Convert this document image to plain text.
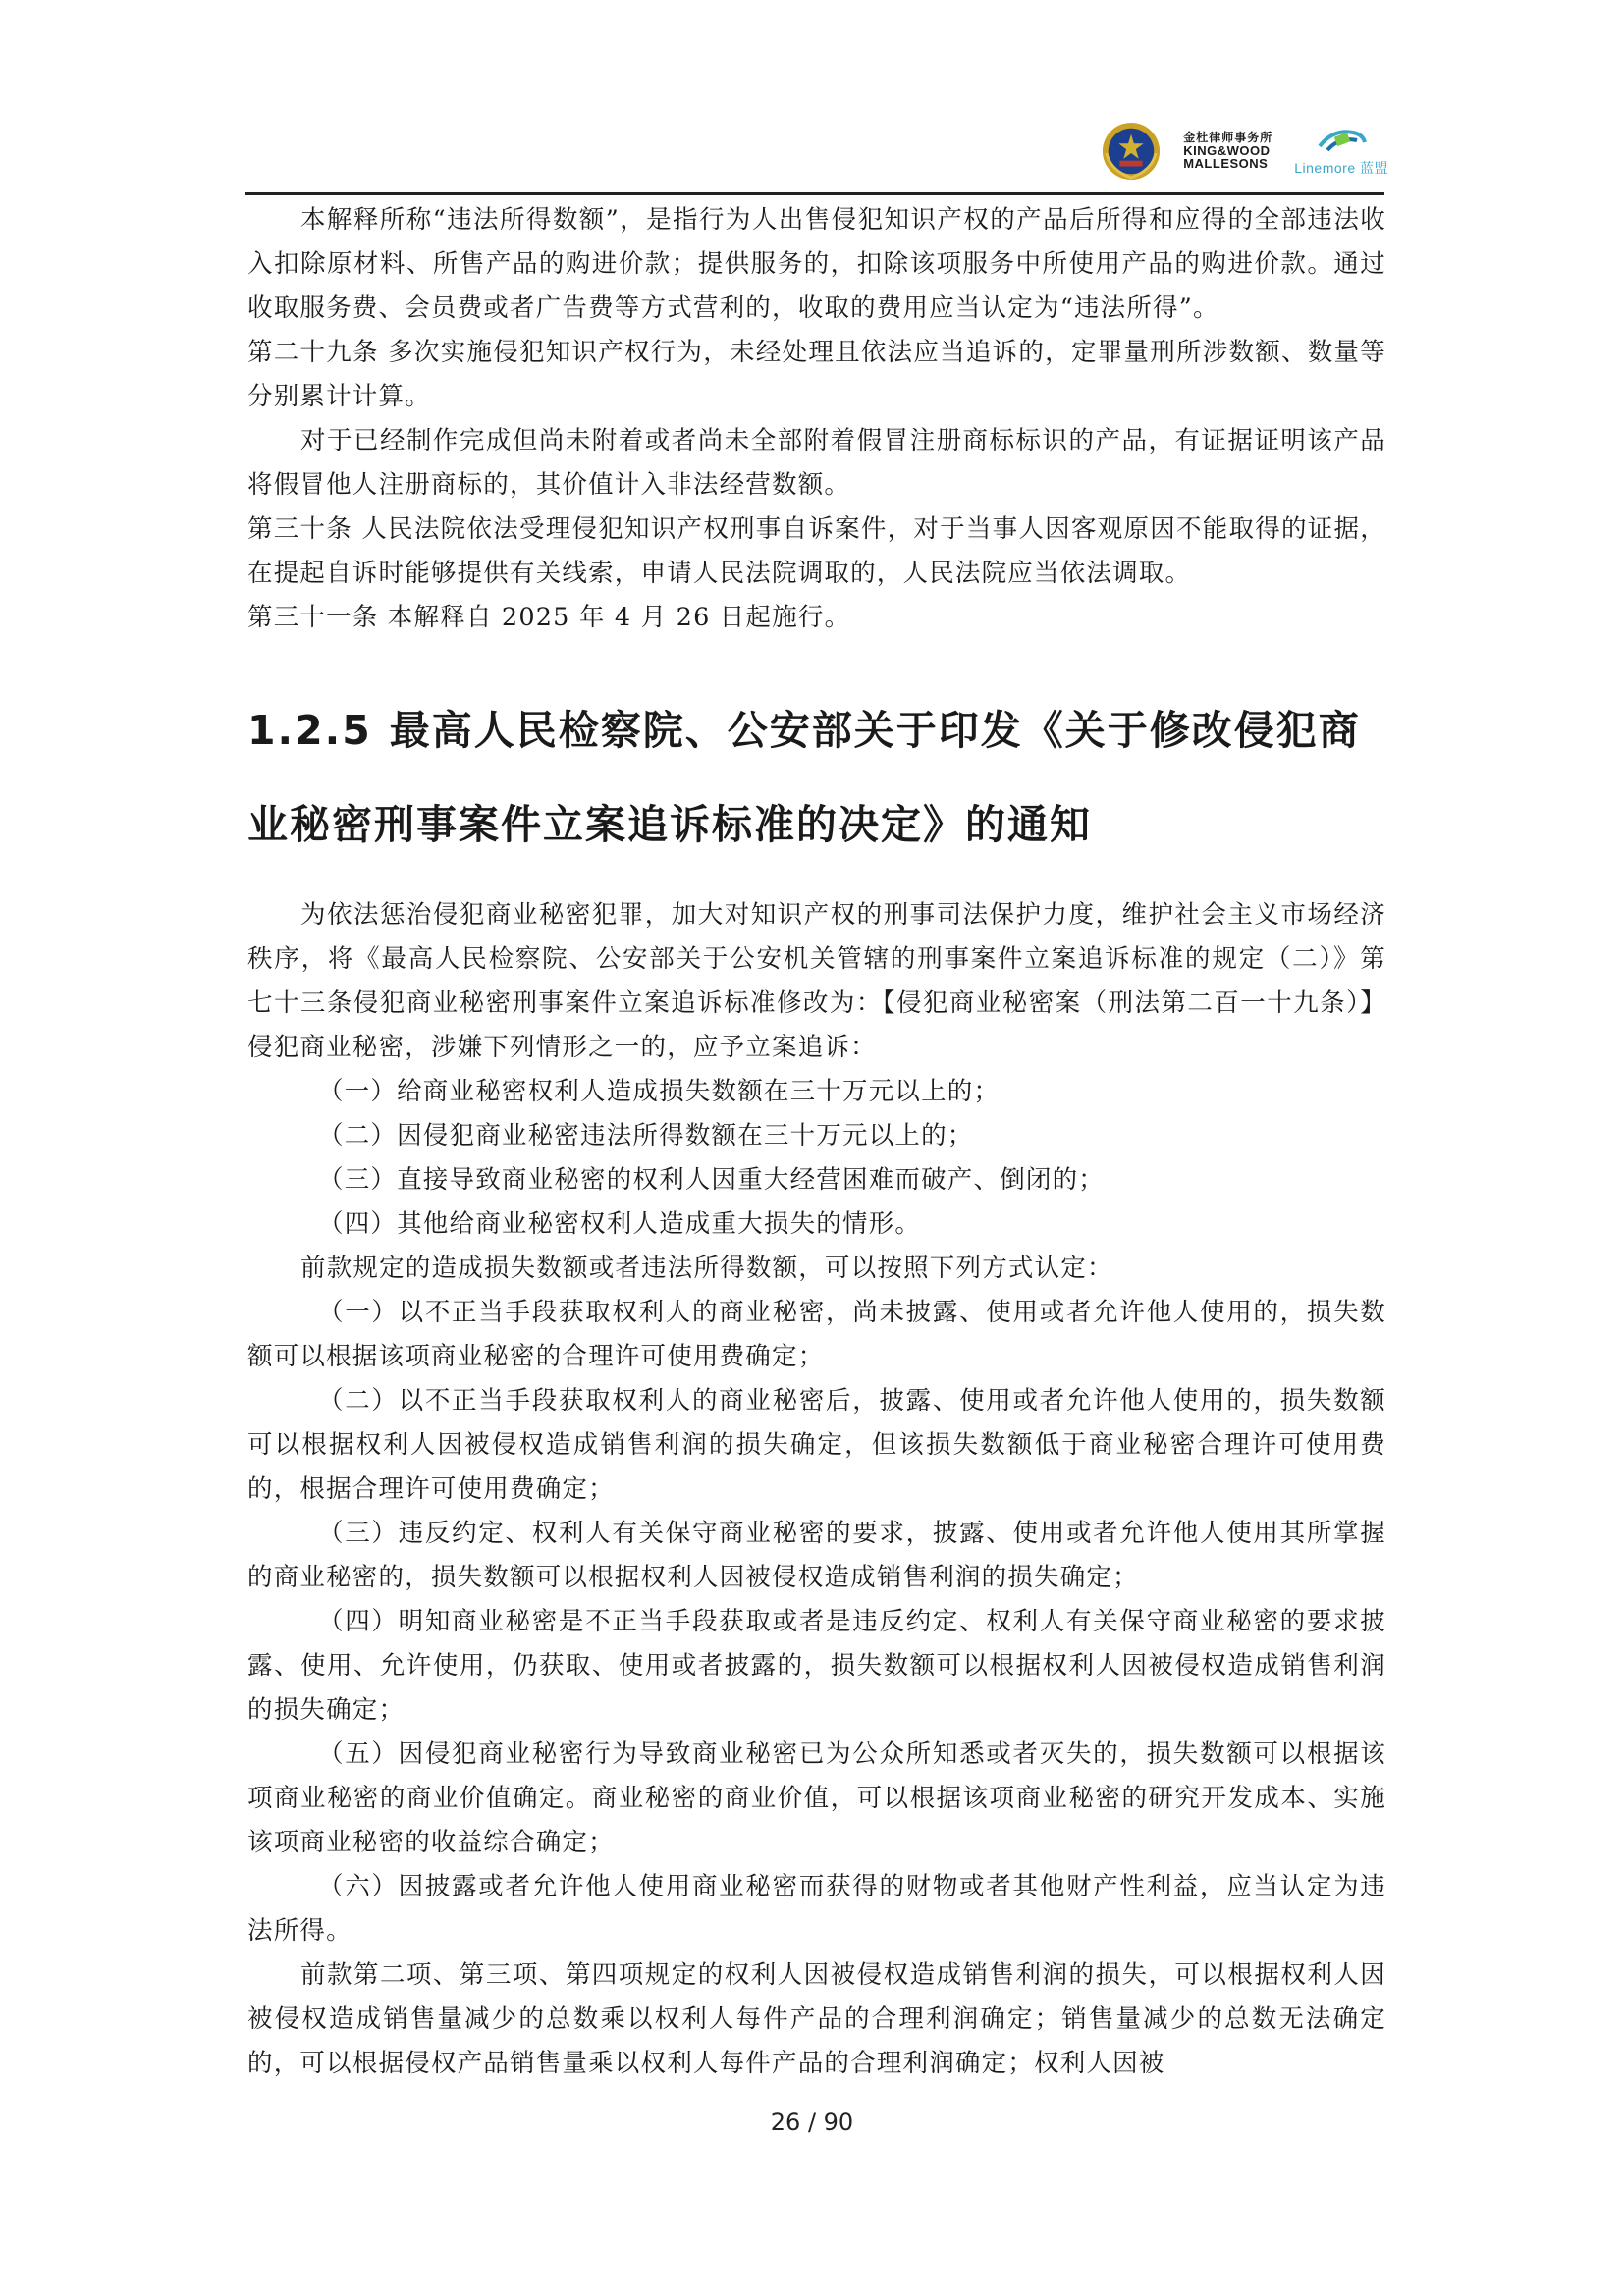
金杜律师事务所
KING&WOOD
MALLESONS Linemore 蓝盟

本解释所称“违法所得数额”，是指行为人出售侵犯知识产权的产品后所得和应得的全部违法收入扣除原材料、所售产品的购进价款；提供服务的，扣除该项服务中所使用产品的购进价款。通过收取服务费、会员费或者广告费等方式营利的，收取的费用应当认定为“违法所得”。

第二十九条 多次实施侵犯知识产权行为，未经处理且依法应当追诉的，定罪量刑所涉数额、数量等分别累计计算。

对于已经制作完成但尚未附着或者尚未全部附着假冒注册商标标识的产品，有证据证明该产品将假冒他人注册商标的，其价值计入非法经营数额。

第三十条 人民法院依法受理侵犯知识产权刑事自诉案件，对于当事人因客观原因不能取得的证据，在提起自诉时能够提供有关线索，申请人民法院调取的，人民法院应当依法调取。

第三十一条 本解释自 2025 年 4 月 26 日起施行。

1.2.5 最高人民检察院、公安部关于印发《关于修改侵犯商业秘密刑事案件立案追诉标准的决定》的通知

为依法惩治侵犯商业秘密犯罪，加大对知识产权的刑事司法保护力度，维护社会主义市场经济秩序，将《最高人民检察院、公安部关于公安机关管辖的刑事案件立案追诉标准的规定（二）》第七十三条侵犯商业秘密刑事案件立案追诉标准修改为：【侵犯商业秘密案（刑法第二百一十九条）】 侵犯商业秘密，涉嫌下列情形之一的，应予立案追诉：

（一）给商业秘密权利人造成损失数额在三十万元以上的；

（二）因侵犯商业秘密违法所得数额在三十万元以上的；

（三）直接导致商业秘密的权利人因重大经营困难而破产、倒闭的；

（四）其他给商业秘密权利人造成重大损失的情形。

前款规定的造成损失数额或者违法所得数额，可以按照下列方式认定：

（一）以不正当手段获取权利人的商业秘密，尚未披露、使用或者允许他人使用的，损失数额可以根据该项商业秘密的合理许可使用费确定；

（二）以不正当手段获取权利人的商业秘密后，披露、使用或者允许他人使用的，损失数额可以根据权利人因被侵权造成销售利润的损失确定，但该损失数额低于商业秘密合理许可使用费的，根据合理许可使用费确定；

（三）违反约定、权利人有关保守商业秘密的要求，披露、使用或者允许他人使用其所掌握的商业秘密的，损失数额可以根据权利人因被侵权造成销售利润的损失确定；

（四）明知商业秘密是不正当手段获取或者是违反约定、权利人有关保守商业秘密的要求披露、使用、允许使用，仍获取、使用或者披露的，损失数额可以根据权利人因被侵权造成销售利润的损失确定；

（五）因侵犯商业秘密行为导致商业秘密已为公众所知悉或者灭失的，损失数额可以根据该项商业秘密的商业价值确定。商业秘密的商业价值，可以根据该项商业秘密的研究开发成本、实施该项商业秘密的收益综合确定；

（六）因披露或者允许他人使用商业秘密而获得的财物或者其他财产性利益，应当认定为违法所得。

前款第二项、第三项、第四项规定的权利人因被侵权造成销售利润的损失，可以根据权利人因被侵权造成销售量减少的总数乘以权利人每件产品的合理利润确定；销售量减少的总数无法确定的，可以根据侵权产品销售量乘以权利人每件产品的合理利润确定；权利人因被

26 / 90
